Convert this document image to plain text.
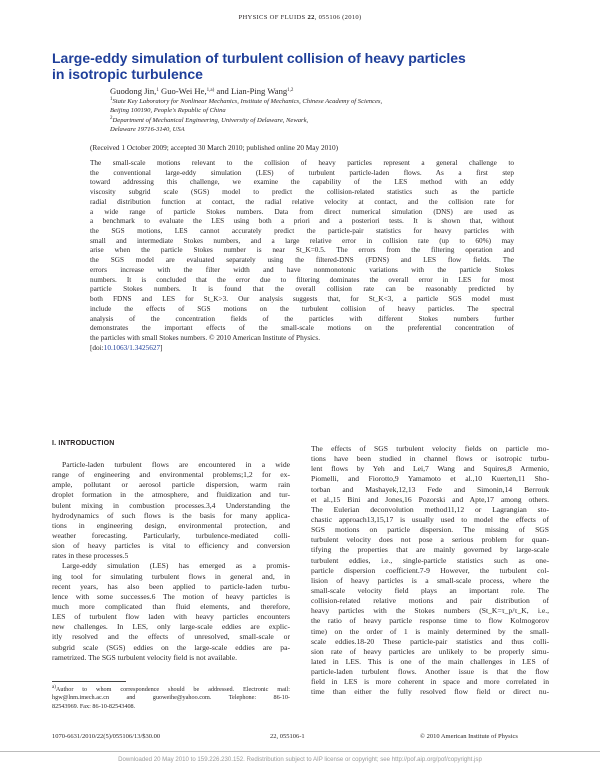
PHYSICS OF FLUIDS 22, 055106 (2010)
Large-eddy simulation of turbulent collision of heavy particles
in isotropic turbulence
Guodong Jin,$^1$ Guo-Wei He,$^{1,a)}$ and Lian-Ping Wang$^{1,2}$
$^1$State Key Laboratory for Nonlinear Mechanics, Institute of Mechanics, Chinese Academy of Sciences,
Beijing 100190, People's Republic of China
$^2$Department of Mechanical Engineering, University of Delaware, Newark,
Delaware 19716-3140, USA
(Received 1 October 2009; accepted 30 March 2010; published online 20 May 2010)
The small-scale motions relevant to the collision of heavy particles represent a general challenge to
the conventional large-eddy simulation (LES) of turbulent particle-laden flows. As a first step
toward addressing this challenge, we examine the capability of the LES method with an eddy
viscosity subgrid scale (SGS) model to predict the collision-related statistics such as the particle
radial distribution function at contact, the radial relative velocity at contact, and the collision rate for
a wide range of particle Stokes numbers. Data from direct numerical simulation (DNS) are used as
a benchmark to evaluate the LES using both a priori and a posteriori tests. It is shown that, without
the SGS motions, LES cannot accurately predict the particle-pair statistics for heavy particles with
small and intermediate Stokes numbers, and a large relative error in collision rate (up to 60%) may
arise when the particle Stokes number is near St_K=0.5. The errors from the filtering operation and
the SGS model are evaluated separately using the filtered-DNS (FDNS) and LES flow fields. The
errors increase with the filter width and have nonmonotonic variations with the particle Stokes
numbers. It is concluded that the error due to filtering dominates the overall error in LES for most
particle Stokes numbers. It is found that the overall collision rate can be reasonably predicted by
both FDNS and LES for St_K>3. Our analysis suggests that, for St_K<3, a particle SGS model must
include the effects of SGS motions on the turbulent collision of heavy particles. The spectral
analysis of the concentration fields of the particles with different Stokes numbers further
demonstrates the important effects of the small-scale motions on the preferential concentration of
the particles with small Stokes numbers. © 2010 American Institute of Physics.
[doi:10.1063/1.3425627]
I. INTRODUCTION
Particle-laden turbulent flows are encountered in a wide
range of engineering and environmental problems;1,2 for ex-
ample, pollutant or aerosol particle dispersion, warm rain
droplet formation in the atmosphere, and fluidization and tur-
bulent mixing in combustion processes.3,4 Understanding the
hydrodynamics of such flows is the basis for many applica-
tions in engineering design, environmental protection, and
weather forecasting. Particularly, turbulence-mediated colli-
sion of heavy particles is vital to efficiency and conversion
rates in these processes.5
Large-eddy simulation (LES) has emerged as a promis-
ing tool for simulating turbulent flows in general and, in
recent years, has also been applied to particle-laden turbu-
lence with some successes.6 The motion of heavy particles is
much more complicated than fluid elements, and therefore,
LES of turbulent flow laden with heavy particles encounters
new challenges. In LES, only large-scale eddies are explic-
itly resolved and the effects of unresolved, small-scale or
subgrid scale (SGS) eddies on the large-scale eddies are pa-
rametrized. The SGS turbulent velocity field is not available.
The effects of SGS turbulent velocity fields on particle mo-
tions have been studied in channel flows or isotropic turbu-
lent flows by Yeh and Lei,7 Wang and Squires,8 Armenio,
Piomelli, and Fiorotto,9 Yamamoto et al.,10 Kuerten,11 Sho-
torban and Mashayek,12,13 Fede and Simonin,14 Berrouk
et al.,15 Bini and Jones,16 Pozorski and Apte,17 among others.
The Eulerian deconvolution method11,12 or Lagrangian sto-
chastic approach13,15,17 is usually used to model the effects of
SGS motions on particle dispersion. The missing of SGS
turbulent velocity does not pose a serious problem for quan-
tifying the properties that are mainly governed by large-scale
turbulent eddies, i.e., single-particle statistics such as one-
particle dispersion coefficient.7-9 However, the turbulent col-
lision of heavy particles is a small-scale process, where the
small-scale velocity field plays an important role. The
collision-related relative motions and pair distribution of
heavy particles with the Stokes numbers (St_K=τ_p/τ_K, i.e.,
the ratio of heavy particle response time to flow Kolmogorov
time) on the order of 1 is mainly determined by the small-
scale eddies.18-20 These particle-pair statistics and thus colli-
sion rate of heavy particles are unlikely to be properly simu-
lated in LES. This is one of the main challenges in LES of
particle-laden turbulent flows. Another issue is that the flow
field in LES is more coherent in space and more correlated in
time than either the fully resolved flow field or direct nu-
$^{a)}$Author to whom correspondence should be addressed. Electronic mail:
hgw@lnm.imech.ac.cn and guoweihe@yahoo.com. Telephone: 86-10-
82543969. Fax: 86-10-82543408.
1070-6631/2010/22(5)/055106/13/$30.00	22, 055106-1	© 2010 American Institute of Physics
Downloaded 20 May 2010 to 159.226.230.152. Redistribution subject to AIP license or copyright; see http://pof.aip.org/pof/copyright.jsp
